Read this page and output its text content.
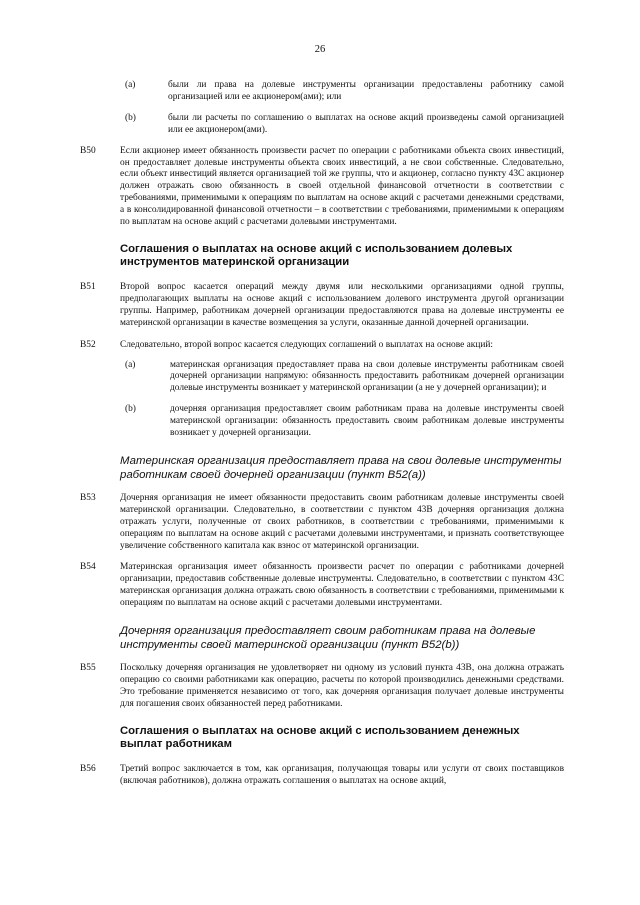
26
(a)	были ли права на долевые инструменты организации предоставлены работнику самой организацией или ее акционером(ами); или
(b)	были ли расчеты по соглашению о выплатах на основе акций произведены самой организацией или ее акционером(ами).
B50	Если акционер имеет обязанность произвести расчет по операции с работниками объекта своих инвестиций, он предоставляет долевые инструменты объекта своих инвестиций, а не свои собственные. Следовательно, если объект инвестиций является организацией той же группы, что и акционер, согласно пункту 43C акционер должен отражать свою обязанность в своей отдельной финансовой отчетности в соответствии с требованиями, применимыми к операциям по выплатам на основе акций с расчетами денежными средствами, а в консолидированной финансовой отчетности – в соответствии с требованиями, применимыми к операциям по выплатам на основе акций с расчетами долевыми инструментами.
Соглашения о выплатах на основе акций с использованием долевых инструментов материнской организации
B51	Второй вопрос касается операций между двумя или несколькими организациями одной группы, предполагающих выплаты на основе акций с использованием долевого инструмента другой организации группы. Например, работникам дочерней организации предоставляются права на долевые инструменты ее материнской организации в качестве возмещения за услуги, оказанные данной дочерней организации.
B52	Следовательно, второй вопрос касается следующих соглашений о выплатах на основе акций:
(a)	материнская организация предоставляет права на свои долевые инструменты работникам своей дочерней организации напрямую: обязанность предоставить работникам дочерней организации долевые инструменты возникает у материнской организации (а не у дочерней организации); и
(b)	дочерняя организация предоставляет своим работникам права на долевые инструменты своей материнской организации: обязанность предоставить своим работникам долевые инструменты возникает у дочерней организации.
Материнская организация предоставляет права на свои долевые инструменты работникам своей дочерней организации (пункт B52(a))
B53	Дочерняя организация не имеет обязанности предоставить своим работникам долевые инструменты своей материнской организации. Следовательно, в соответствии с пунктом 43B дочерняя организация должна отражать услуги, полученные от своих работников, в соответствии с требованиями, применимыми к операциям по выплатам на основе акций с расчетами долевыми инструментами, и признать соответствующее увеличение собственного капитала как взнос от материнской организации.
B54	Материнская организация имеет обязанность произвести расчет по операции с работниками дочерней организации, предоставив собственные долевые инструменты. Следовательно, в соответствии с пунктом 43C материнская организация должна отражать свою обязанность в соответствии с требованиями, применимыми к операциям по выплатам на основе акций с расчетами долевыми инструментами.
Дочерняя организация предоставляет своим работникам права на долевые инструменты своей материнской организации (пункт B52(b))
B55	Поскольку дочерняя организация не удовлетворяет ни одному из условий пункта 43B, она должна отражать операцию со своими работниками как операцию, расчеты по которой производились денежными средствами. Это требование применяется независимо от того, как дочерняя организация получает долевые инструменты для погашения своих обязанностей перед работниками.
Соглашения о выплатах на основе акций с использованием денежных выплат работникам
B56	Третий вопрос заключается в том, как организация, получающая товары или услуги от своих поставщиков (включая работников), должна отражать соглашения о выплатах на основе акций,
